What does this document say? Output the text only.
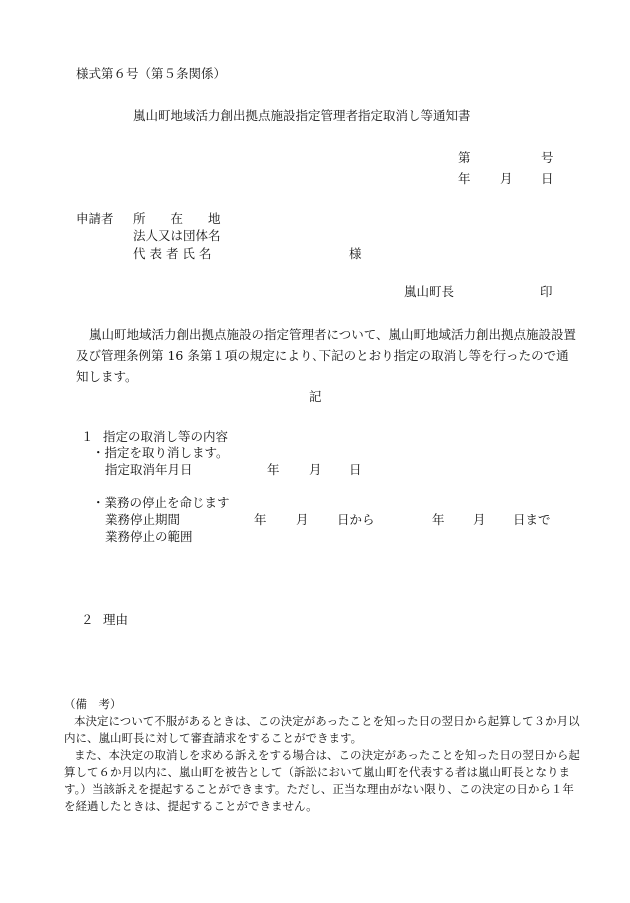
様式第６号（第５条関係）
嵐山町地域活力創出拠点施設指定管理者指定取消し等通知書
第	号
年 月 日
申請者 所　　在　　地
法人又は団体名
代 表 者 氏 名	様
嵐山町長	印
嵐山町地域活力創出拠点施設の指定管理者について、嵐山町地域活力創出拠点施設設置及び管理条例第 16 条第１項の規定により､下記のとおり指定の取消し等を行ったので通知します。
記
１ 指定の取消し等の内容
・指定を取り消します。
指定取消年月日	年 月 日
・業務の停止を命じます
業務停止期間	年 月 日から	年 月 日まで
業務停止の範囲
２ 理由
（備　考）
本決定について不服があるときは、この決定があったことを知った日の翌日から起算して３か月以内に、嵐山町長に対して審査請求をすることができます。
また、本決定の取消しを求める訴えをする場合は、この決定があったことを知った日の翌日から起算して６か月以内に、嵐山町を被告として（訴訟において嵐山町を代表する者は嵐山町長となります。）当該訴えを提起することができます。ただし、正当な理由がない限り、この決定の日から１年を経過したときは、提起することができません。
